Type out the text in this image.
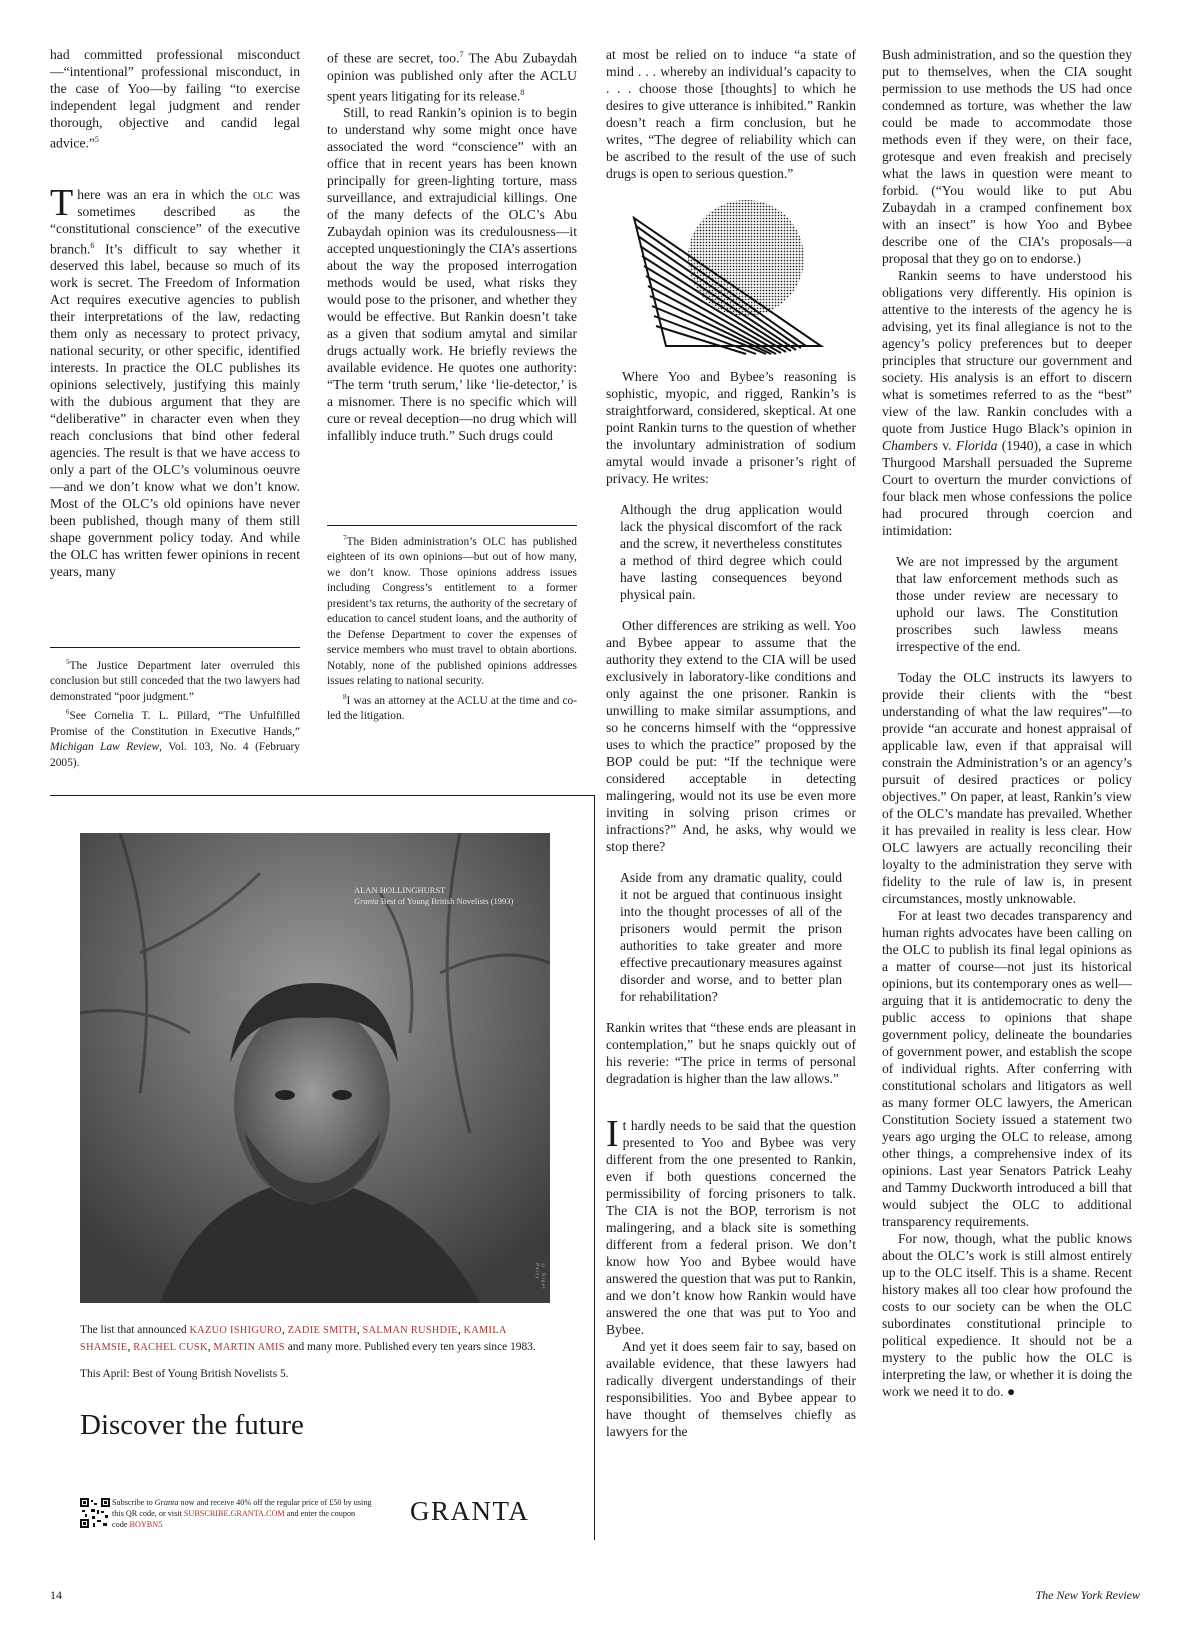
had committed professional misconduct—“intentional” professional misconduct, in the case of Yoo—by failing “to exercise independent legal judgment and render thorough, objective and candid legal advice.”$^5$

There was an era in which the olc was sometimes described as the “constitutional conscience” of the executive branch.$^6$ It’s difficult to say whether it deserved this label, because so much of its work is secret. The Freedom of Information Act requires executive agencies to publish their interpretations of the law, redacting them only as necessary to protect privacy, national security, or other specific, identified interests. In practice the OLC publishes its opinions selectively, justifying this mainly with the dubious argument that they are “deliberative” in character even when they reach conclusions that bind other federal agencies. The result is that we have access to only a part of the OLC’s voluminous oeuvre—and we don’t know what we don’t know. Most of the OLC’s old opinions have never been published, though many of them still shape government policy today. And while the OLC has written fewer opinions in recent years, many

$^5$The Justice Department later overruled this conclusion but still conceded that the two lawyers had demonstrated “poor judgment.”

$^6$See Cornelia T. L. Pillard, “The Unfulfilled Promise of the Constitution in Executive Hands,” Michigan Law Review, Vol. 103, No. 4 (February 2005).

of these are secret, too.$^7$ The Abu Zubaydah opinion was published only after the ACLU spent years litigating for its release.$^8$

Still, to read Rankin’s opinion is to begin to understand why some might once have associated the word “conscience” with an office that in recent years has been known principally for green-lighting torture, mass surveillance, and extrajudicial killings. One of the many defects of the OLC’s Abu Zubaydah opinion was its credulousness—it accepted unquestioningly the CIA’s assertions about the way the proposed interrogation methods would be used, what risks they would pose to the prisoner, and whether they would be effective. But Rankin doesn’t take as a given that sodium amytal and similar drugs actually work. He briefly reviews the available evidence. He quotes one authority: “The term ‘truth serum,’ like ‘lie-detector,’ is a misnomer. There is no specific which will cure or reveal deception—no drug which will infallibly induce truth.” Such drugs could

$^7$The Biden administration’s OLC has published eighteen of its own opinions—but out of how many, we don’t know. Those opinions address issues including Congress’s entitlement to a former president’s tax returns, the authority of the secretary of education to cancel student loans, and the authority of the Defense Department to cover the expenses of service members who must travel to obtain abortions. Notably, none of the published opinions addresses issues relating to national security.

$^8$I was an attorney at the ACLU at the time and co-led the litigation.

at most be relied on to induce “a state of mind . . . whereby an individual’s capacity to . . . choose those [thoughts] to which he desires to give utterance is inhibited.” Rankin doesn’t reach a firm conclusion, but he writes, “The degree of reliability which can be ascribed to the result of the use of such drugs is open to serious question.”

Where Yoo and Bybee’s reasoning is sophistic, myopic, and rigged, Rankin’s is straightforward, considered, skeptical. At one point Rankin turns to the question of whether the involuntary administration of sodium amytal would invade a prisoner’s right of privacy. He writes:

Although the drug application would lack the physical discomfort of the rack and the screw, it nevertheless constitutes a method of third degree which could have lasting consequences beyond physical pain.

Other differences are striking as well. Yoo and Bybee appear to assume that the authority they extend to the CIA will be used exclusively in laboratory-like conditions and only against the one prisoner. Rankin is unwilling to make similar assumptions, and so he concerns himself with the “oppressive uses to which the practice” proposed by the BOP could be put: “If the technique were considered acceptable in detecting malingering, would not its use be even more inviting in solving prison crimes or infractions?” And, he asks, why would we stop there?

Aside from any dramatic quality, could it not be argued that continuous insight into the thought processes of all of the prisoners would permit the prison authorities to take greater and more effective precautionary measures against disorder and worse, and to better plan for rehabilitation?

Rankin writes that “these ends are pleasant in contemplation,” but he snaps quickly out of his reverie: “The price in terms of personal degradation is higher than the law allows.”

It hardly needs to be said that the question presented to Yoo and Bybee was very different from the one presented to Rankin, even if both questions concerned the permissibility of forcing prisoners to talk. The CIA is not the BOP, terrorism is not malingering, and a black site is something different from a federal prison. We don’t know how Yoo and Bybee would have answered the question that was put to Rankin, and we don’t know how Rankin would have answered the one that was put to Yoo and Bybee.

And yet it does seem fair to say, based on available evidence, that these lawyers had radically divergent understandings of their responsibilities. Yoo and Bybee appear to have thought of themselves chiefly as lawyers for the

Bush administration, and so the question they put to themselves, when the CIA sought permission to use methods the US had once condemned as torture, was whether the law could be made to accommodate those methods even if they were, on their face, grotesque and even freakish and precisely what the laws in question were meant to forbid. (“You would like to put Abu Zubaydah in a cramped confinement box with an insect” is how Yoo and Bybee describe one of the CIA’s proposals—a proposal that they go on to endorse.)

Rankin seems to have understood his obligations very differently. His opinion is attentive to the interests of the agency he is advising, yet its final allegiance is not to the agency’s policy preferences but to deeper principles that structure our government and society. His analysis is an effort to discern what is sometimes referred to as the “best” view of the law. Rankin concludes with a quote from Justice Hugo Black’s opinion in Chambers v. Florida (1940), a case in which Thurgood Marshall persuaded the Supreme Court to overturn the murder convictions of four black men whose confessions the police had procured through coercion and intimidation:

We are not impressed by the argument that law enforcement methods such as those under review are necessary to uphold our laws. The Constitution proscribes such lawless means irrespective of the end.

Today the OLC instructs its lawyers to provide their clients with the “best understanding of what the law requires”—to provide “an accurate and honest appraisal of applicable law, even if that appraisal will constrain the Administration’s or an agency’s pursuit of desired practices or policy objectives.” On paper, at least, Rankin’s view of the OLC’s mandate has prevailed. Whether it has prevailed in reality is less clear. How OLC lawyers are actually reconciling their loyalty to the administration they serve with fidelity to the rule of law is, in present circumstances, mostly unknowable.

For at least two decades transparency and human rights advocates have been calling on the OLC to publish its final legal opinions as a matter of course—not just its historical opinions, but its contemporary ones as well—arguing that it is antidemocratic to deny the public access to opinions that shape government policy, delineate the boundaries of government power, and establish the scope of individual rights. After conferring with constitutional scholars and litigators as well as many former OLC lawyers, the American Constitution Society issued a statement two years ago urging the OLC to release, among other things, a comprehensive index of its opinions. Last year Senators Patrick Leahy and Tammy Duckworth introduced a bill that would subject the OLC to additional transparency requirements.

For now, though, what the public knows about the OLC’s work is still almost entirely up to the OLC itself. This is a shame. Recent history makes all too clear how profound the costs to our society can be when the OLC subordinates constitutional principle to political expedience. It should not be a mystery to the public how the OLC is interpreting the law, or whether it is doing the work we need it to do. ●

ALAN HOLLINGHURST
Granta Best of Young British Novelists (1993)
© Nigel Parry
The list that announced KAZUO ISHIGURO, ZADIE SMITH, SALMAN RUSHDIE, KAMILA SHAMSIE, RACHEL CUSK, MARTIN AMIS and many more. Published every ten years since 1983.
This April: Best of Young British Novelists 5.
Discover the future
Subscribe to Granta now and receive 40% off the regular price of £50 by using this QR code, or visit SUBSCRIBE.GRANTA.COM and enter the coupon code BOYBN5	GRANTA
14	The New York Review
